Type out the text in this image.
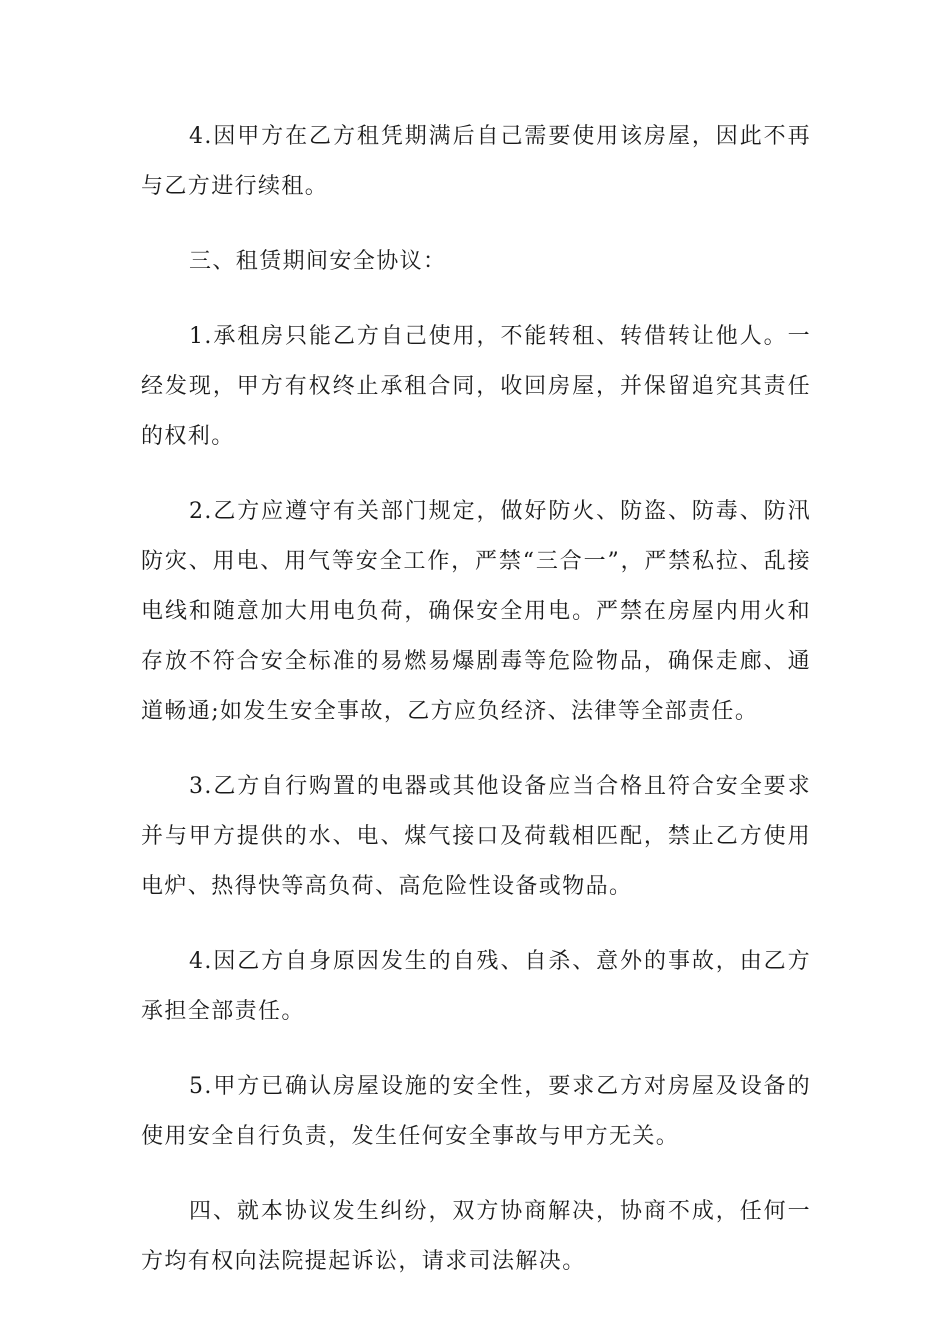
4.因甲方在乙方租凭期满后自己需要使用该房屋，因此不再与乙方进行续租。

三、租赁期间安全协议：

1.承租房只能乙方自己使用，不能转租、转借转让他人。一经发现，甲方有权终止承租合同，收回房屋，并保留追究其责任的权利。

2.乙方应遵守有关部门规定，做好防火、防盗、防毒、防汛防灾、用电、用气等安全工作，严禁“三合一”，严禁私拉、乱接电线和随意加大用电负荷，确保安全用电。严禁在房屋内用火和存放不符合安全标准的易燃易爆剧毒等危险物品，确保走廊、通道畅通;如发生安全事故，乙方应负经济、法律等全部责任。

3.乙方自行购置的电器或其他设备应当合格且符合安全要求并与甲方提供的水、电、煤气接口及荷载相匹配，禁止乙方使用电炉、热得快等高负荷、高危险性设备或物品。

4.因乙方自身原因发生的自残、自杀、意外的事故，由乙方承担全部责任。

5.甲方已确认房屋设施的安全性，要求乙方对房屋及设备的使用安全自行负责，发生任何安全事故与甲方无关。

四、就本协议发生纠纷，双方协商解决，协商不成，任何一方均有权向法院提起诉讼，请求司法解决。
